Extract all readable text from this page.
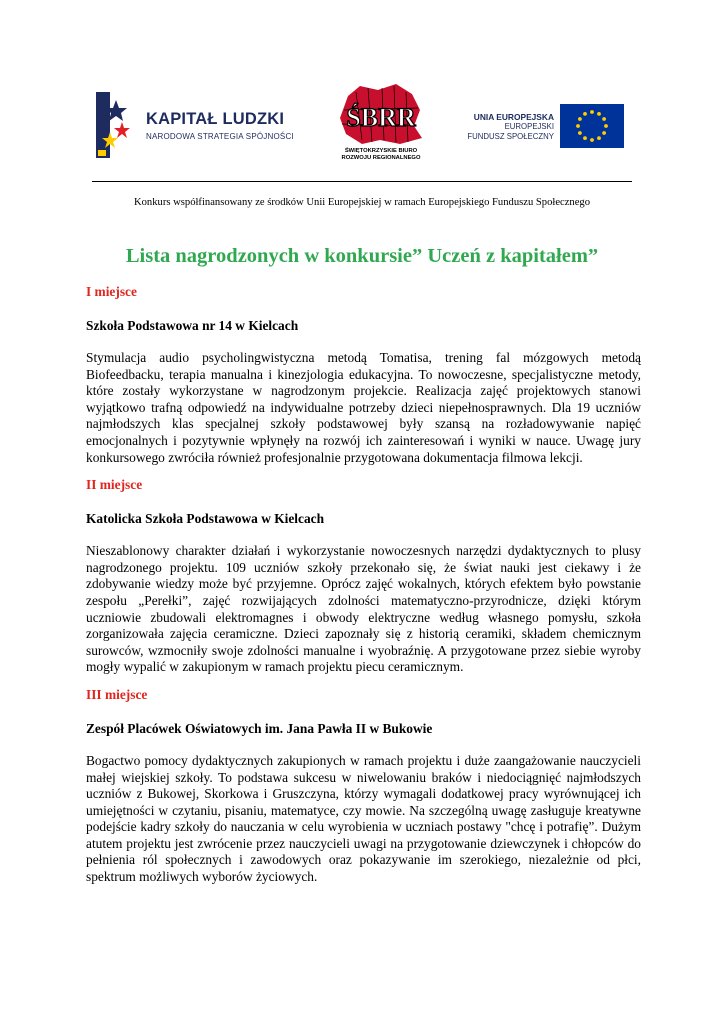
KAPITAŁ LUDZKI
NARODOWA STRATEGIA SPÓJNOŚCI
ŚBRR
ŚWIĘTOKRZYSKIE BIURO
ROZWOJU REGIONALNEGO
UNIA EUROPEJSKA
EUROPEJSKI
FUNDUSZ SPOŁECZNY
Konkurs współfinansowany ze środków Unii Europejskiej w ramach Europejskiego Funduszu Społecznego
Lista nagrodzonych w konkursie” Uczeń z kapitałem”
I miejsce
Szkoła Podstawowa nr 14 w Kielcach
Stymulacja audio psycholingwistyczna metodą Tomatisa, trening fal mózgowych metodą Biofeedbacku, terapia manualna i kinezjologia edukacyjna. To nowoczesne, specjalistyczne metody, które zostały wykorzystane w nagrodzonym projekcie. Realizacja zajęć projektowych stanowi wyjątkowo trafną odpowiedź na indywidualne potrzeby dzieci niepełnosprawnych. Dla 19 uczniów najmłodszych klas specjalnej szkoły podstawowej były szansą na rozładowywanie napięć emocjonalnych i pozytywnie wpłynęły na rozwój ich zainteresowań i wyniki w nauce. Uwagę jury konkursowego zwróciła również profesjonalnie przygotowana dokumentacja filmowa lekcji.
II miejsce
Katolicka Szkoła Podstawowa w Kielcach
Nieszablonowy charakter działań i wykorzystanie nowoczesnych narzędzi dydaktycznych to plusy nagrodzonego projektu. 109 uczniów szkoły przekonało się, że świat nauki jest ciekawy i że zdobywanie wiedzy może być przyjemne. Oprócz zajęć wokalnych, których efektem było powstanie zespołu „Perełki”, zajęć rozwijających zdolności matematyczno-przyrodnicze, dzięki którym uczniowie zbudowali elektromagnes i obwody elektryczne według własnego pomysłu, szkoła zorganizowała zajęcia ceramiczne. Dzieci zapoznały się z historią ceramiki, składem chemicznym surowców, wzmocniły swoje zdolności manualne i wyobraźnię. A przygotowane przez siebie wyroby mogły wypalić w zakupionym w ramach projektu piecu ceramicznym.
III miejsce
Zespół Placówek Oświatowych im. Jana Pawła II w Bukowie
Bogactwo pomocy dydaktycznych zakupionych w ramach projektu i duże zaangażowanie nauczycieli małej wiejskiej szkoły. To podstawa sukcesu w niwelowaniu braków i niedociągnięć najmłodszych uczniów z Bukowej, Skorkowa i Gruszczyna, którzy wymagali dodatkowej pracy wyrównującej ich umiejętności w czytaniu, pisaniu, matematyce, czy mowie. Na szczególną uwagę zasługuje kreatywne podejście kadry szkoły do nauczania w celu wyrobienia w uczniach postawy "chcę i potrafię”. Dużym atutem projektu jest zwrócenie przez nauczycieli uwagi na przygotowanie dziewczynek i chłopców do pełnienia ról społecznych i zawodowych oraz pokazywanie im szerokiego, niezależnie od płci, spektrum możliwych wyborów życiowych.
